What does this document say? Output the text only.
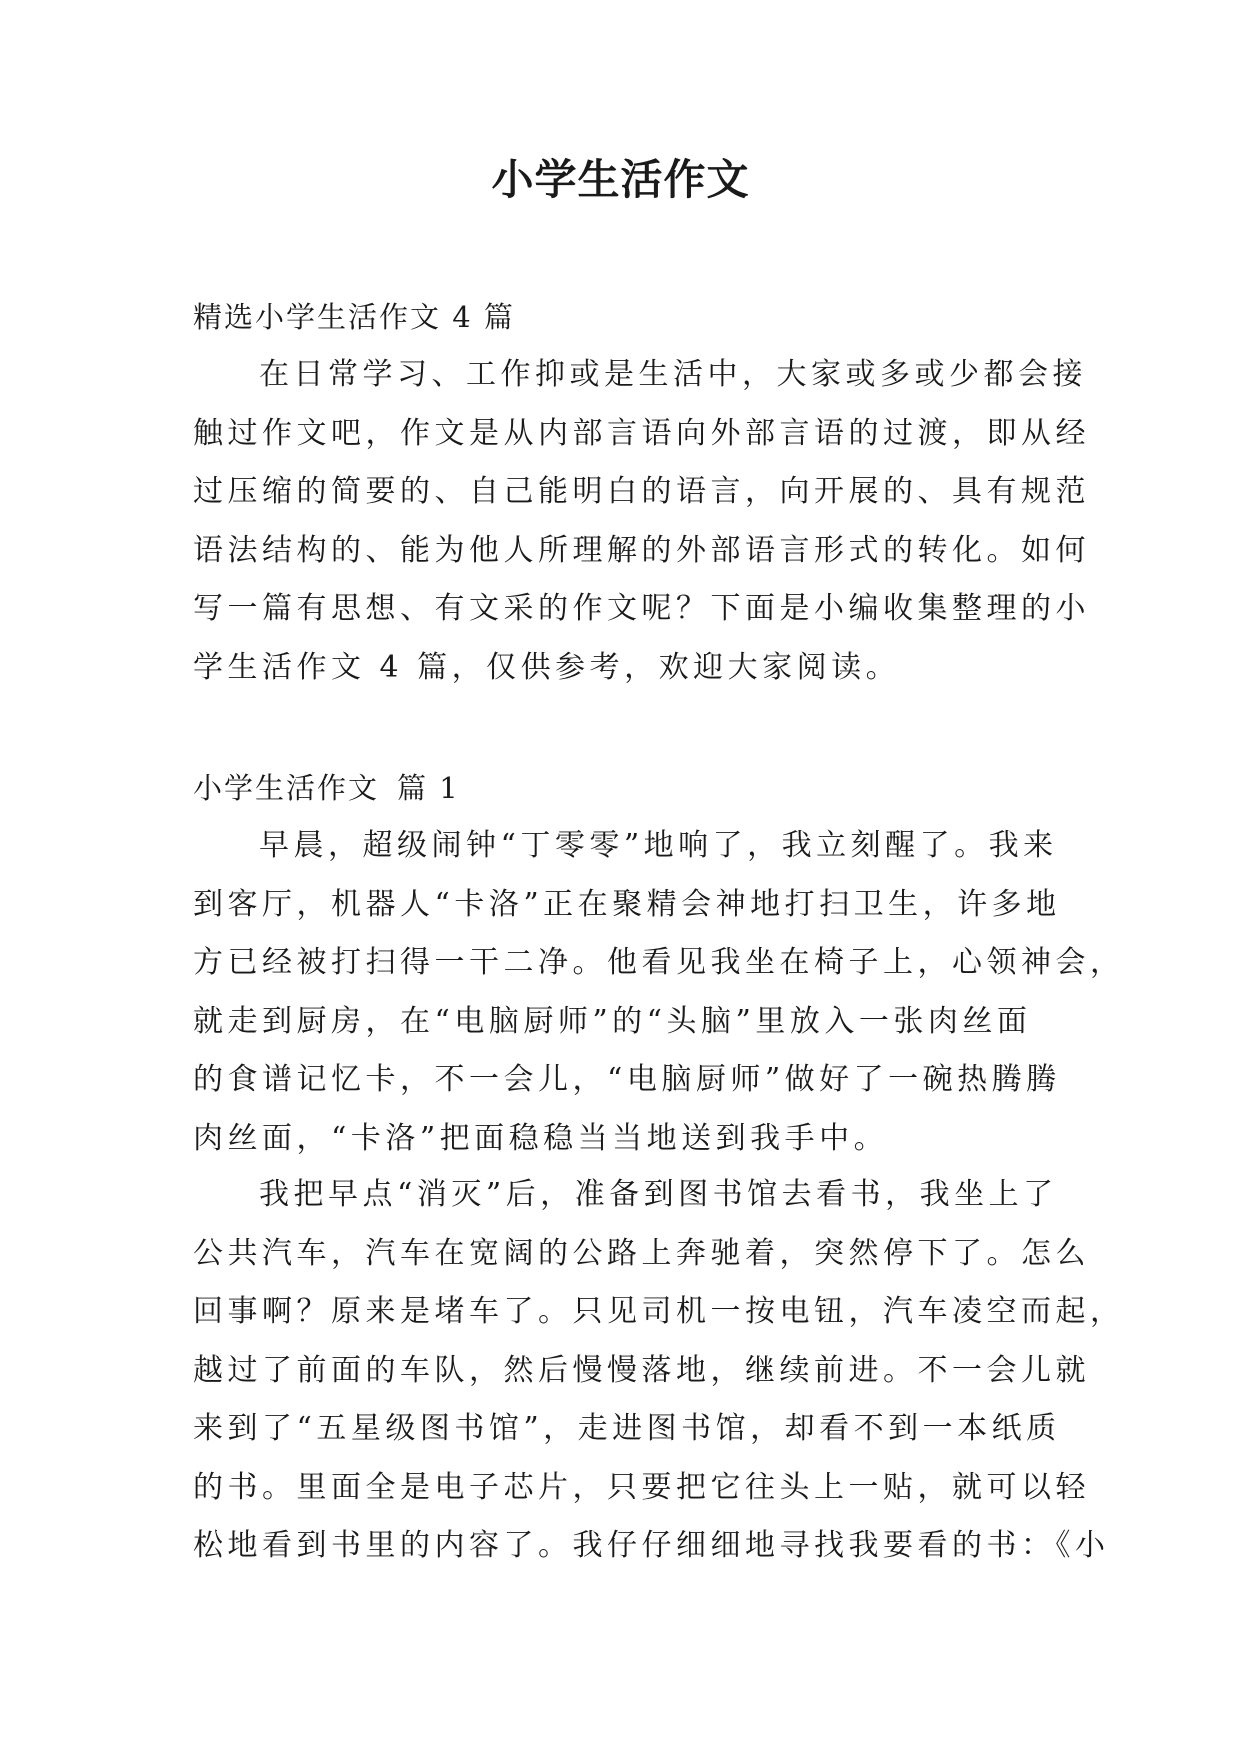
小学生活作文
精选小学生活作文 4 篇
在日常学习、工作抑或是生活中，大家或多或少都会接
触过作文吧，作文是从内部言语向外部言语的过渡，即从经
过压缩的简要的、自己能明白的语言，向开展的、具有规范
语法结构的、能为他人所理解的外部语言形式的转化。如何
写一篇有思想、有文采的作文呢？下面是小编收集整理的小
学生活作文 4 篇，仅供参考，欢迎大家阅读。
小学生活作文 篇 1
早晨，超级闹钟“丁零零”地响了，我立刻醒了。我来
到客厅，机器人“卡洛”正在聚精会神地打扫卫生，许多地
方已经被打扫得一干二净。他看见我坐在椅子上，心领神会，
就走到厨房，在“电脑厨师”的“头脑”里放入一张肉丝面
的食谱记忆卡，不一会儿，“电脑厨师”做好了一碗热腾腾
肉丝面，“卡洛”把面稳稳当当地送到我手中。
我把早点“消灭”后，准备到图书馆去看书，我坐上了
公共汽车，汽车在宽阔的公路上奔驰着，突然停下了。怎么
回事啊？原来是堵车了。只见司机一按电钮，汽车凌空而起，
越过了前面的车队，然后慢慢落地，继续前进。不一会儿就
来到了“五星级图书馆”，走进图书馆，却看不到一本纸质
的书。里面全是电子芯片，只要把它往头上一贴，就可以轻
松地看到书里的内容了。我仔仔细细地寻找我要看的书：《小
